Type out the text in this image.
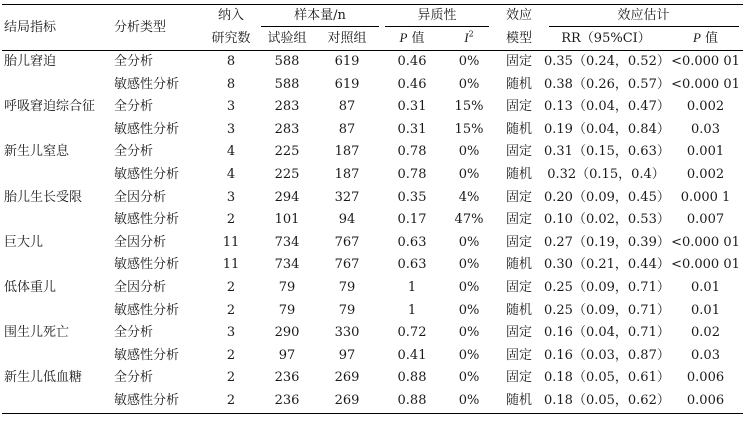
结局指标	分析类型	纳入	样本量/n		异质性		效应	效应估计	
		研究数	试验组	对照组	P 值	$I^2$	模型	RR（95%CI）	P 值
胎儿窘迫	全分析	8	588	619	0.46	0%	固定	0.35（0.24，0.52）	<0.000 01
	敏感性分析	8	588	619	0.46	0%	随机	0.38（0.26，0.57）	<0.000 01
呼吸窘迫综合征	全分析	3	283	87	0.31	15%	固定	0.13（0.04，0.47）	0.002
	敏感性分析	3	283	87	0.31	15%	随机	0.19（0.04，0.84）	0.03
新生儿窒息	全分析	4	225	187	0.78	0%	固定	0.31（0.15，0.63）	0.001
	敏感性分析	4	225	187	0.78	0%	随机	0.32（0.15，0.4）	0.002
胎儿生长受限	全因分析	3	294	327	0.35	4%	固定	0.20（0.09，0.45）	0.000 1
	敏感性分析	2	101	94	0.17	47%	固定	0.10（0.02，0.53）	0.007
巨大儿	全因分析	11	734	767	0.63	0%	固定	0.27（0.19，0.39）	<0.000 01
	敏感性分析	11	734	767	0.63	0%	随机	0.30（0.21，0.44）	<0.000 01
低体重儿	全因分析	2	79	79	1	0%	固定	0.25（0.09，0.71）	0.01
	敏感性分析	2	79	79	1	0%	随机	0.25（0.09，0.71）	0.01
围生儿死亡	全分析	3	290	330	0.72	0%	固定	0.16（0.04，0.71）	0.02
	敏感性分析	2	97	97	0.41	0%	固定	0.16（0.03，0.87）	0.03
新生儿低血糖	全分析	2	236	269	0.88	0%	固定	0.18（0.05，0.61）	0.006
	敏感性分析	2	236	269	0.88	0%	随机	0.18（0.05，0.62）	0.006
